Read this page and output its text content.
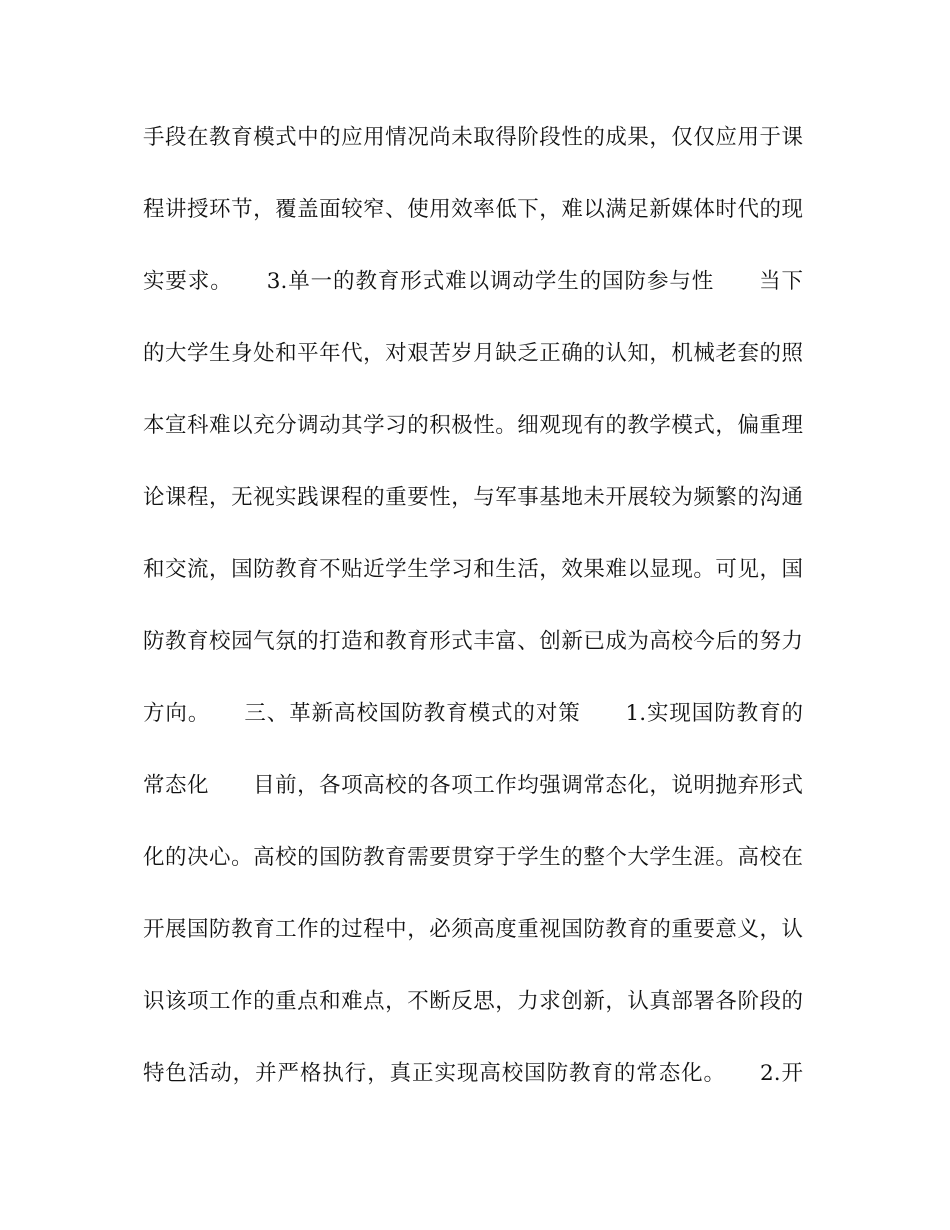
手段在教育模式中的应用情况尚未取得阶段性的成果，仅仅应用于课
程讲授环节，覆盖面较窄、使用效率低下，难以满足新媒体时代的现
实要求。　　3.单一的教育形式难以调动学生的国防参与性　　当下
的大学生身处和平年代，对艰苦岁月缺乏正确的认知，机械老套的照
本宣科难以充分调动其学习的积极性。细观现有的教学模式，偏重理
论课程，无视实践课程的重要性，与军事基地未开展较为频繁的沟通
和交流，国防教育不贴近学生学习和生活，效果难以显现。可见，国
防教育校园气氛的打造和教育形式丰富、创新已成为高校今后的努力
方向。　　三、革新高校国防教育模式的对策　　1.实现国防教育的
常态化　　目前，各项高校的各项工作均强调常态化，说明抛弃形式
化的决心。高校的国防教育需要贯穿于学生的整个大学生涯。高校在
开展国防教育工作的过程中，必须高度重视国防教育的重要意义，认
识该项工作的重点和难点，不断反思，力求创新，认真部署各阶段的
特色活动，并严格执行，真正实现高校国防教育的常态化。　　2.开
